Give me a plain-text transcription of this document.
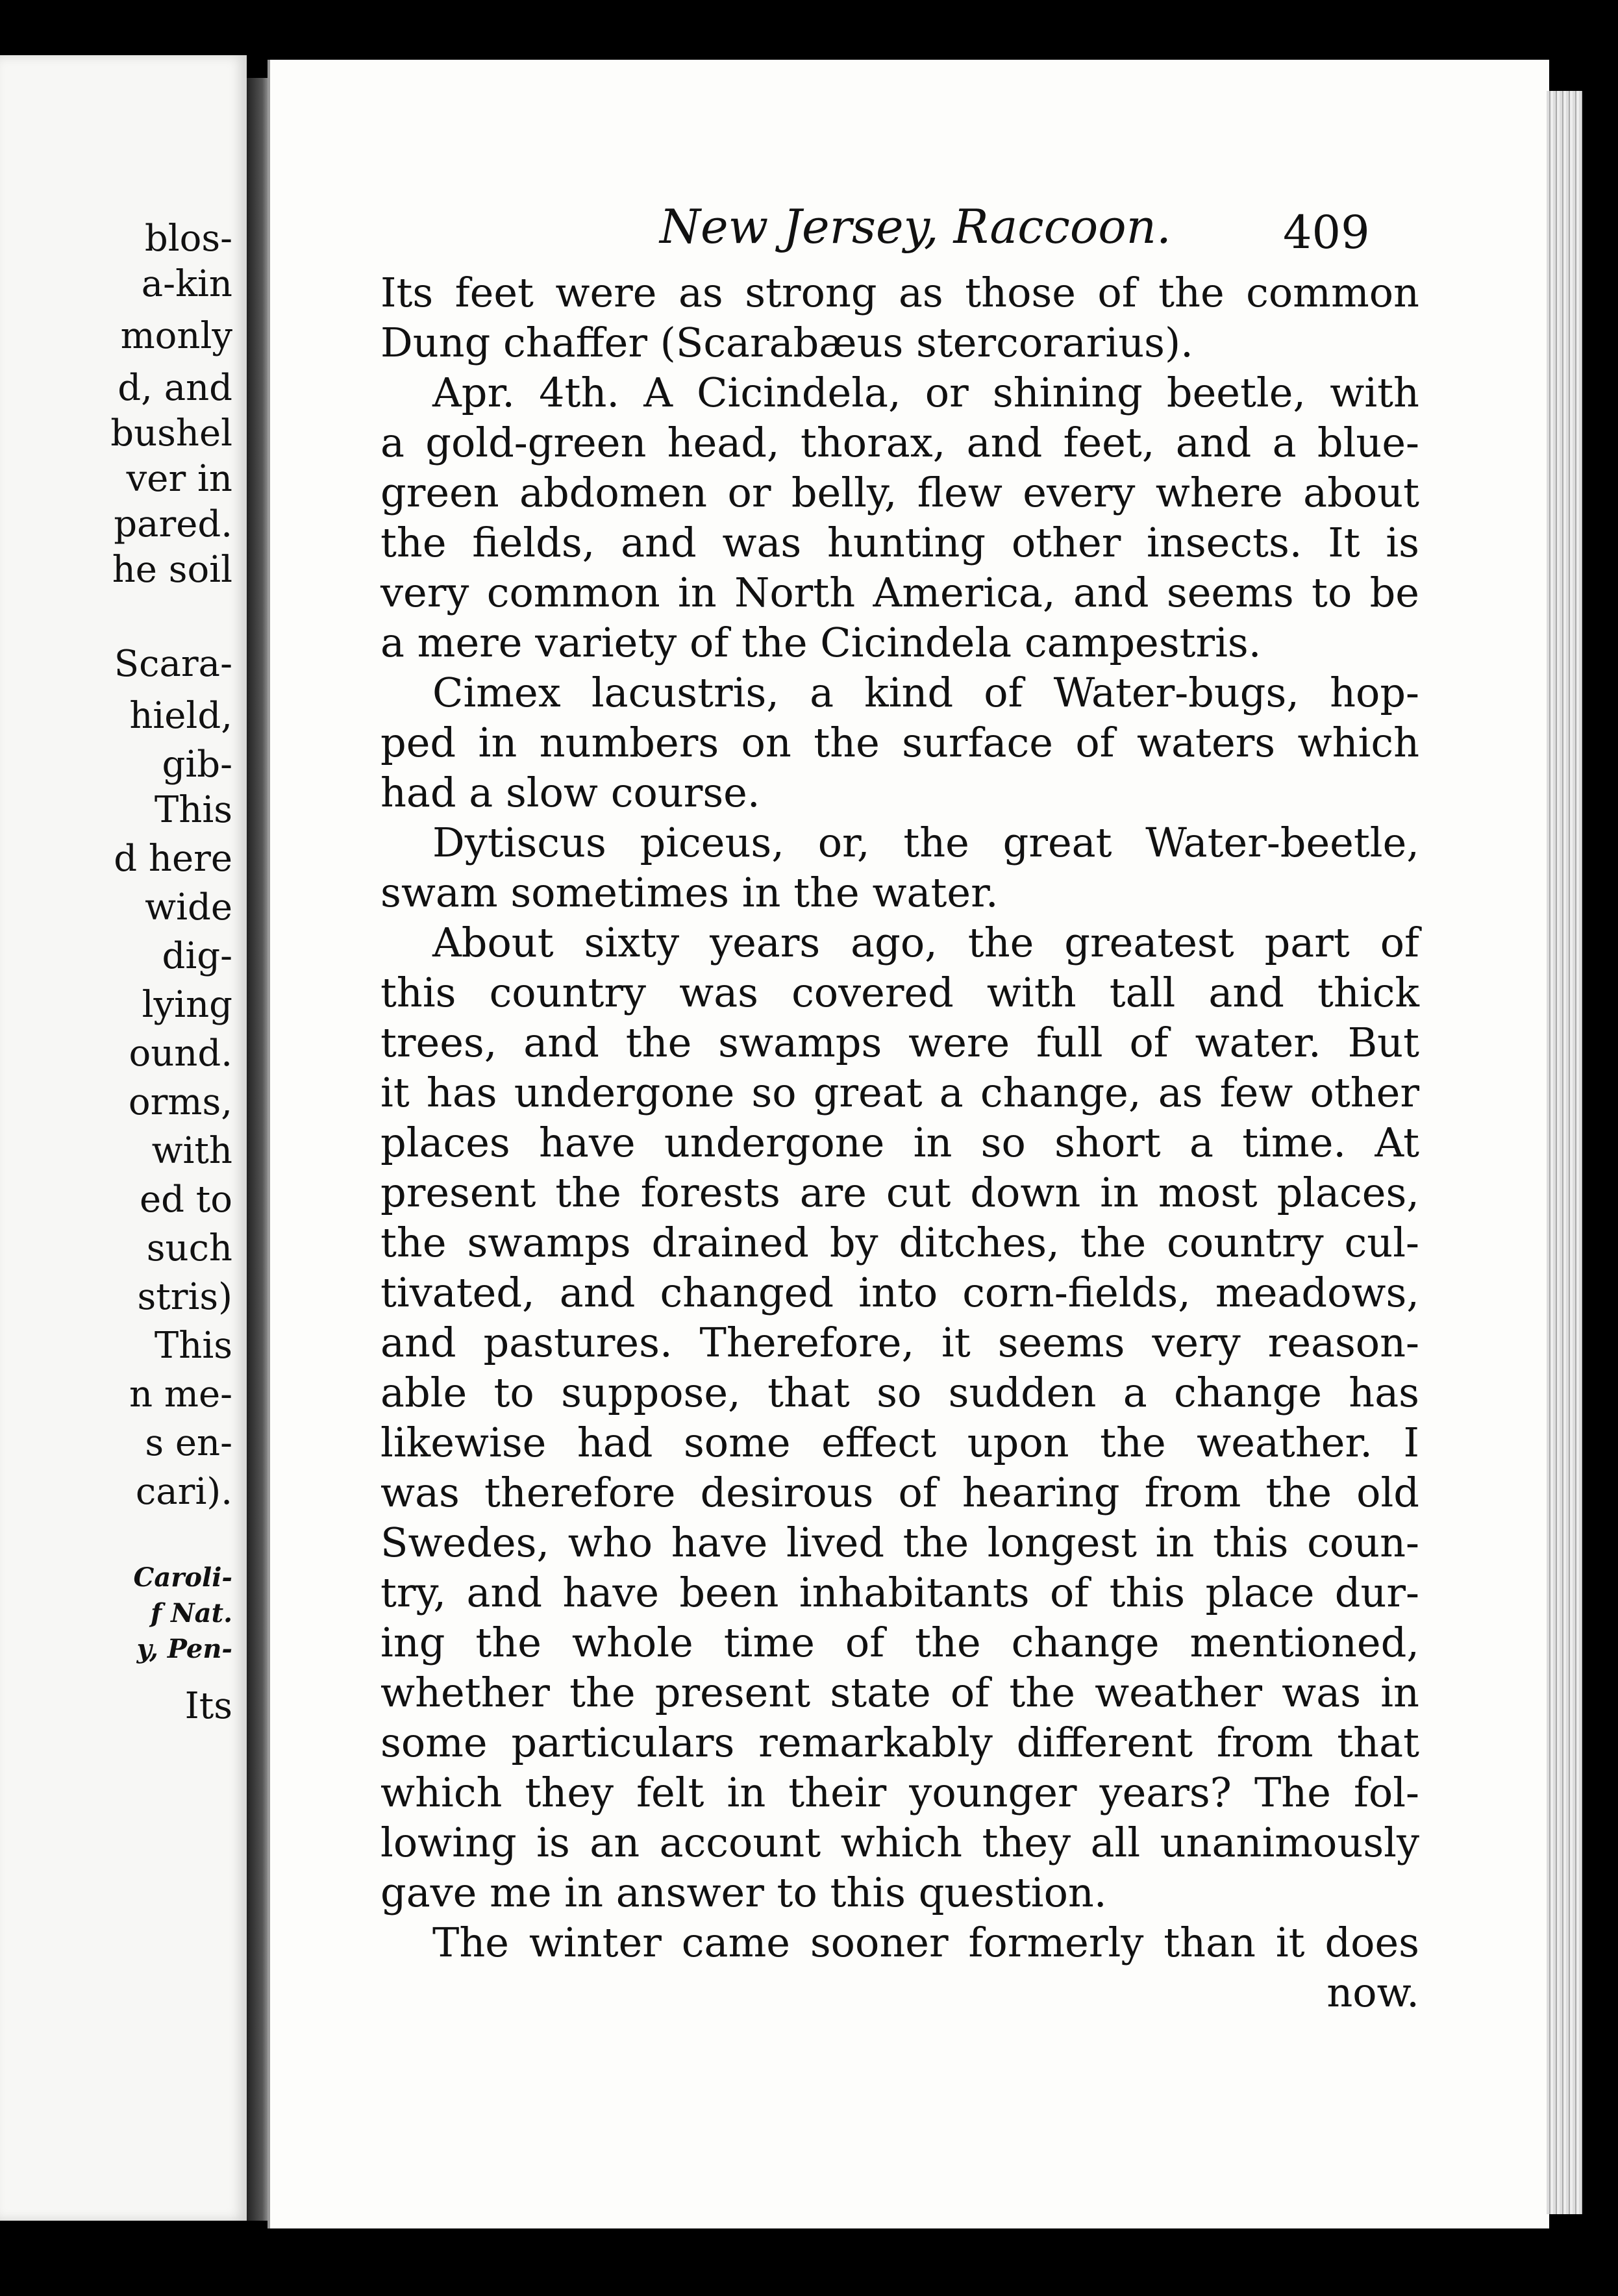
blos-
a-kin
monly
d, and
bushel
ver in
pared.
he soil
Scara-
hield,
gib-
This
d here
wide
dig-
lying
ound.
orms,
with
ed to
such
stris)
This
n me-
s en-
cari).
Caroli-
f Nat.
y, Pen-
Its
New Jersey, Raccoon. 409
Its feet were as strong as those of the common
Dung chaffer (Scarabæus stercorarius).
Apr. 4th. A Cicindela, or shining beetle, with
a gold-green head, thorax, and feet, and a blue-
green abdomen or belly, flew every where about
the fields, and was hunting other insects. It is
very common in North America, and seems to be
a mere variety of the Cicindela campestris.
Cimex lacustris, a kind of Water-bugs, hop-
ped in numbers on the surface of waters which
had a slow course.
Dytiscus piceus, or, the great Water-beetle,
swam sometimes in the water.
About sixty years ago, the greatest part of
this country was covered with tall and thick
trees, and the swamps were full of water. But
it has undergone so great a change, as few other
places have undergone in so short a time. At
present the forests are cut down in most places,
the swamps drained by ditches, the country cul-
tivated, and changed into corn-fields, meadows,
and pastures. Therefore, it seems very reason-
able to suppose, that so sudden a change has
likewise had some effect upon the weather. I
was therefore desirous of hearing from the old
Swedes, who have lived the longest in this coun-
try, and have been inhabitants of this place dur-
ing the whole time of the change mentioned,
whether the present state of the weather was in
some particulars remarkably different from that
which they felt in their younger years? The fol-
lowing is an account which they all unanimously
gave me in answer to this question.
The winter came sooner formerly than it does
now.
